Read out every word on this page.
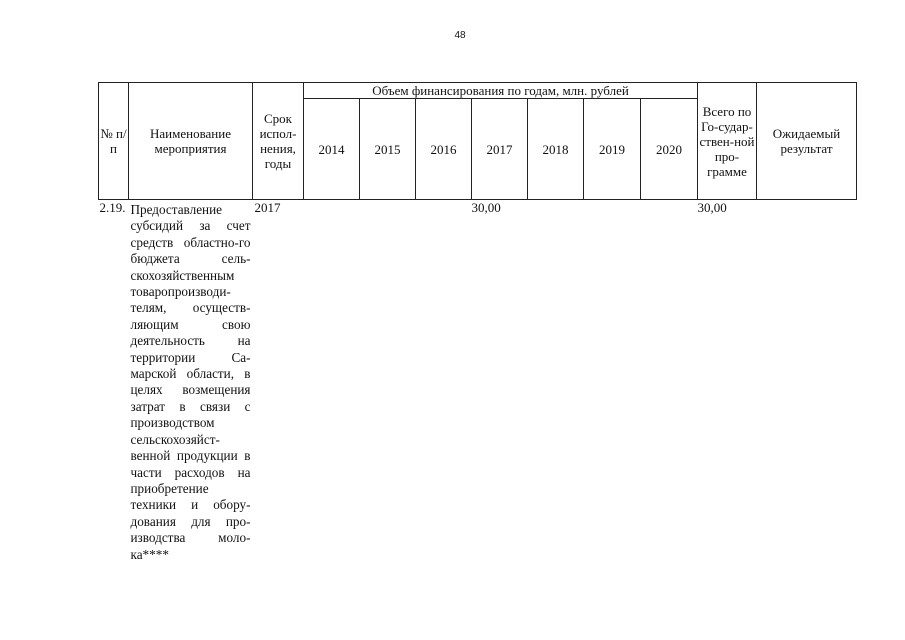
48
№ п/п	Наименование мероприятия	Срок испол-нения, годы	Объем финансирования по годам, млн. рублей							Всего по Го-судар-ствен-ной про-грамме	Ожидаемый результат
			2014	2015	2016	2017	2018	2019	2020		
2.19.	Предоставление субсидий за счет средств областно-го бюджета сель-скохозяйственным товаропроизводи-телям, осуществ-ляющим свою деятельность на территории Са-марской области, в целях возмещения затрат в связи с производством сельскохозяйст-венной продукции в части расходов на приобретение техники и обору-дования для про-изводства моло-ка****	2017				30,00				30,00	
